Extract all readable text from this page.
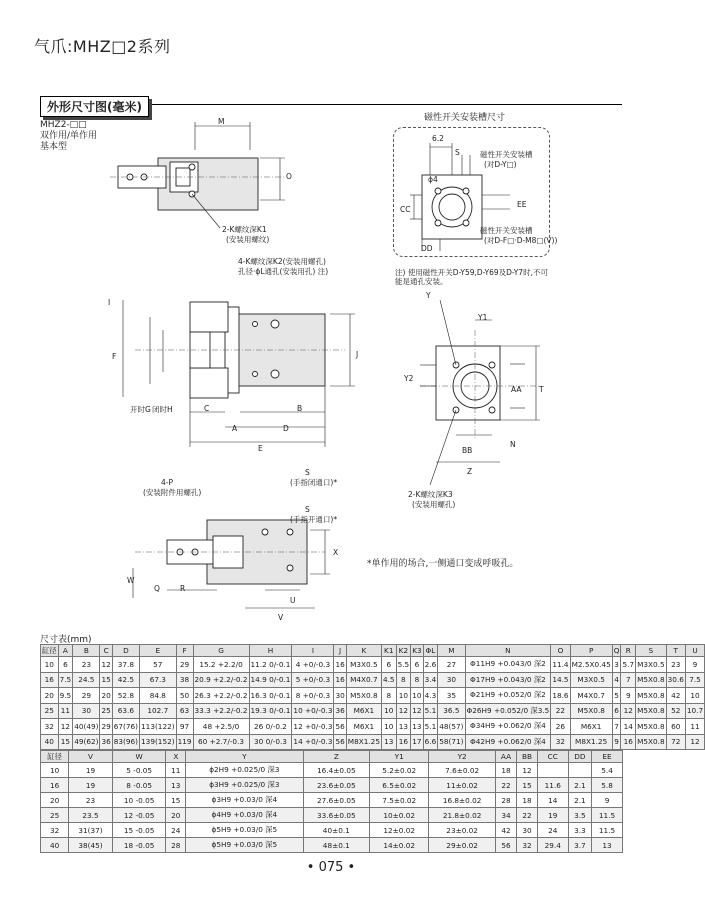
气爪:MHZ□2系列
外形尺寸图(毫米)
MHZ2-□□
双作用/单作用
基本型
M
O
2-K螺纹深K1
(安装用螺纹)
磁性开关安装槽尺寸
6.2
S
ϕ4
磁性开关安装槽
(对D-Y□)
EE
CC
磁性开关安装槽
(对D-F□·D-M8□(V))
DD
注) 使用磁性开关D-Y59,D-Y69及D-Y7时,不可能是通孔安装。
4-K螺纹深K2(安装用螺孔)
孔径·ϕL通孔(安装用孔) 注)
I
F	J
开时G 闭时H	C	B
A	D
E
Y
Y1
Y2
AA T
BB
N
Z
2-K螺纹深K3
(安装用螺孔)
4-P
(安装附件用螺孔)
S
(手指闭通口)*
S
(手指开通口)*
X
W
Q	R
U
V
*单作用的场合,一侧通口变成呼吸孔。
尺寸表(mm)
缸径	A	B	C	D	E	F	G	H	I	J	K	K1	K2	K3	ΦL	M	N	O	P	Q	R	S	T	U
10	6	23	12	37.8	57	29	15.2 +2.2/0	11.2 0/-0.1	4 +0/-0.3	16	M3X0.5	6	5.5	6	2.6	27	Φ11H9 +0.043/0 深2	11.4	M2.5X0.45	3	5.7	M3X0.5	23	9
16	7.5	24.5	15	42.5	67.3	38	20.9 +2.2/-0.2	14.9 0/-0.1	5 +0/-0.3	16	M4X0.7	4.5	8	8	3.4	30	Φ17H9 +0.043/0 深2	14.5	M3X0.5	4	7	M5X0.8	30.6	7.5
20	9.5	29	20	52.8	84.8	50	26.3 +2.2/-0.2	16.3 0/-0.1	8 +0/-0.3	30	M5X0.8	8	10	10	4.3	35	Φ21H9 +0.052/0 深2	18.6	M4X0.7	5	9	M5X0.8	42	10
25	11	30	25	63.6	102.7	63	33.3 +2.2/-0.2	19.3 0/-0.1	10 +0/-0.3	36	M6X1	10	12	12	5.1	36.5	Φ26H9 +0.052/0 深3.5	22	M5X0.8	6	12	M5X0.8	52	10.7
32	12	40(49)	29	67(76)	113(122)	97	48 +2.5/0	26 0/-0.2	12 +0/-0.3	56	M6X1	10	13	13	5.1	48(57)	Φ34H9 +0.062/0 深4	26	M6X1	7	14	M5X0.8	60	11
40	15	49(62)	36	83(96)	139(152)	119	60 +2.7/-0.3	30 0/-0.3	14 +0/-0.3	56	M8X1.25	13	16	17	6.6	58(71)	Φ42H9 +0.062/0 深4	32	M8X1.25	9	16	M5X0.8	72	12
缸径	V	W	X	Y	Z	Y1	Y2	AA	BB	CC	DD	EE
10	19	5 -0.05	11	ϕ2H9 +0.025/0 深3	16.4±0.05	5.2±0.02	7.6±0.02	18	12			5.4
16	19	8 -0.05	13	ϕ3H9 +0.025/0 深3	23.6±0.05	6.5±0.02	11±0.02	22	15	11.6	2.1	5.8
20	23	10 -0.05	15	ϕ3H9 +0.03/0 深4	27.6±0.05	7.5±0.02	16.8±0.02	28	18	14	2.1	9
25	23.5	12 -0.05	20	ϕ4H9 +0.03/0 深4	33.6±0.05	10±0.02	21.8±0.02	34	22	19	3.5	11.5
32	31(37)	15 -0.05	24	ϕ5H9 +0.03/0 深5	40±0.1	12±0.02	23±0.02	42	30	24	3.3	11.5
40	38(45)	18 -0.05	28	ϕ5H9 +0.03/0 深5	48±0.1	14±0.02	29±0.02	56	32	29.4	3.7	13
• 075 •
